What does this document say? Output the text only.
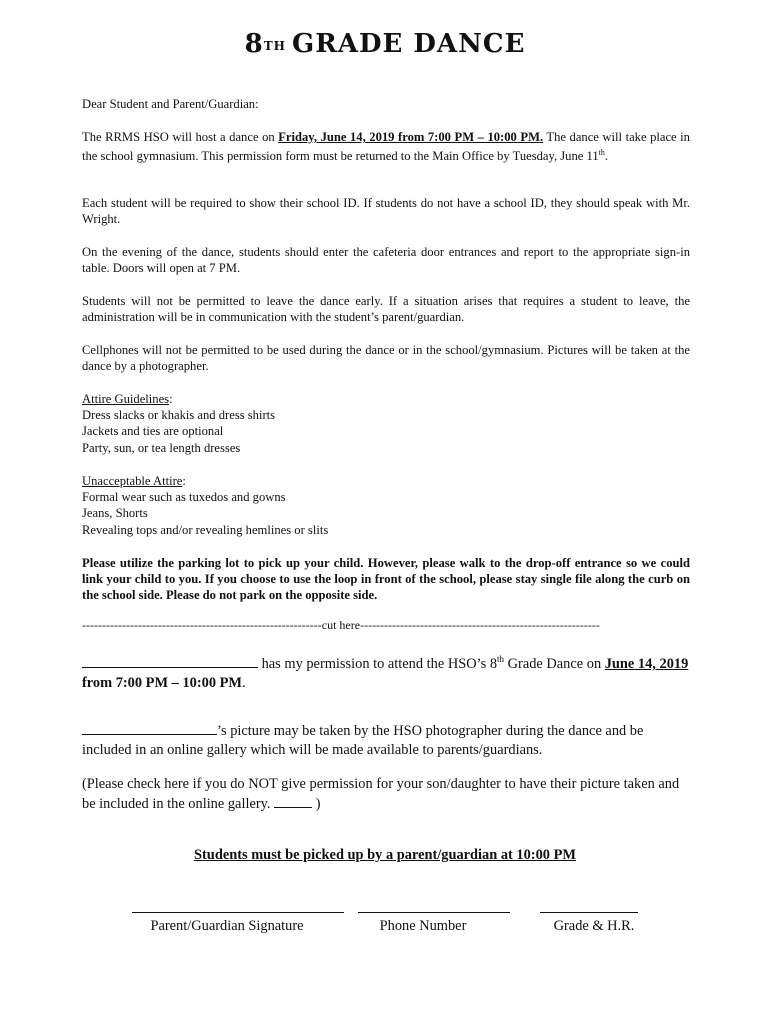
8TH GRADE DANCE

Dear Student and Parent/Guardian:

The RRMS HSO will host a dance on Friday, June 14, 2019 from 7:00 PM – 10:00 PM. The dance will take place in the school gymnasium. This permission form must be returned to the Main Office by Tuesday, June 11th.

Each student will be required to show their school ID. If students do not have a school ID, they should speak with Mr. Wright.

On the evening of the dance, students should enter the cafeteria door entrances and report to the appropriate sign-in table. Doors will open at 7 PM.

Students will not be permitted to leave the dance early. If a situation arises that requires a student to leave, the administration will be in communication with the student’s parent/guardian.

Cellphones will not be permitted to be used during the dance or in the school/gymnasium. Pictures will be taken at the dance by a photographer.

Attire Guidelines:

Dress slacks or khakis and dress shirts

Jackets and ties are optional

Party, sun, or tea length dresses

Unacceptable Attire:

Formal wear such as tuxedos and gowns

Jeans, Shorts

Revealing tops and/or revealing hemlines or slits

Please utilize the parking lot to pick up your child. However, please walk to the drop-off entrance so we could link your child to you. If you choose to use the loop in front of the school, please stay single file along the curb on the school side. Please do not park on the opposite side.

------------------------------------------------------------cut here------------------------------------------------------------

has my permission to attend the HSO’s 8th Grade Dance on June 14, 2019 from 7:00 PM – 10:00 PM.

’s picture may be taken by the HSO photographer during the dance and be included in an online gallery which will be made available to parents/guardians.

(Please check here if you do NOT give permission for your son/daughter to have their picture taken and be included in the online gallery.	)

Students must be picked up by a parent/guardian at 10:00 PM
Parent/Guardian Signature	Phone Number	Grade & H.R.
